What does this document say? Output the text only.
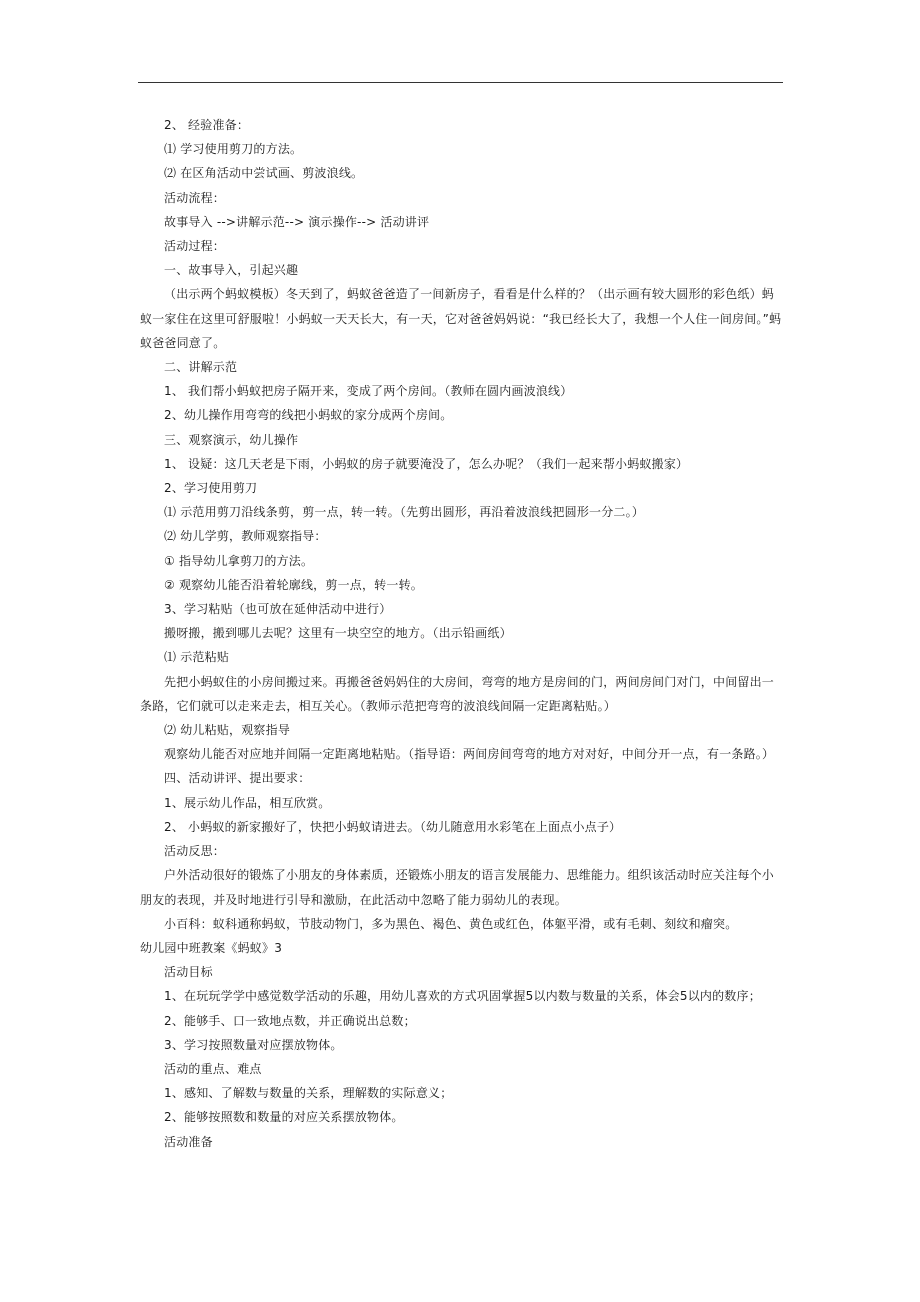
2、 经验准备：

⑴ 学习使用剪刀的方法。

⑵ 在区角活动中尝试画、剪波浪线。

活动流程：

故事导入 -->讲解示范--> 演示操作--> 活动讲评

活动过程：

一、故事导入，引起兴趣

（出示两个蚂蚁模板）冬天到了，蚂蚁爸爸造了一间新房子，看看是什么样的？（出示画有较大圆形的彩色纸）蚂蚁一家住在这里可舒服啦！小蚂蚁一天天长大，有一天，它对爸爸妈妈说：“我已经长大了，我想一个人住一间房间。”蚂蚁爸爸同意了。

二、讲解示范

1、 我们帮小蚂蚁把房子隔开来，变成了两个房间。（教师在圆内画波浪线）

2、幼儿操作用弯弯的线把小蚂蚁的家分成两个房间。

三、观察演示，幼儿操作

1、 设疑：这几天老是下雨，小蚂蚁的房子就要淹没了，怎么办呢？（我们一起来帮小蚂蚁搬家）

2、学习使用剪刀

⑴ 示范用剪刀沿线条剪，剪一点，转一转。（先剪出圆形，再沿着波浪线把圆形一分二。）

⑵ 幼儿学剪，教师观察指导：

① 指导幼儿拿剪刀的方法。

② 观察幼儿能否沿着轮廓线，剪一点，转一转。

3、学习粘贴（也可放在延伸活动中进行）

搬呀搬，搬到哪儿去呢？这里有一块空空的地方。（出示铅画纸）

⑴ 示范粘贴

先把小蚂蚁住的小房间搬过来。再搬爸爸妈妈住的大房间，弯弯的地方是房间的门，两间房间门对门，中间留出一条路，它们就可以走来走去，相互关心。（教师示范把弯弯的波浪线间隔一定距离粘贴。）

⑵ 幼儿粘贴，观察指导

观察幼儿能否对应地并间隔一定距离地粘贴。（指导语：两间房间弯弯的地方对对好，中间分开一点，有一条路。）

四、活动讲评、提出要求：

1、展示幼儿作品，相互欣赏。

2、 小蚂蚁的新家搬好了，快把小蚂蚁请进去。（幼儿随意用水彩笔在上面点小点子）

活动反思：

户外活动很好的锻炼了小朋友的身体素质，还锻炼小朋友的语言发展能力、思维能力。组织该活动时应关注每个小朋友的表现，并及时地进行引导和激励，在此活动中忽略了能力弱幼儿的表现。

小百科：蚁科通称蚂蚁，节肢动物门，多为黑色、褐色、黄色或红色，体躯平滑，或有毛刺、刻纹和瘤突。

幼儿园中班教案《蚂蚁》3

活动目标

1、在玩玩学学中感觉数学活动的乐趣，用幼儿喜欢的方式巩固掌握5以内数与数量的关系，体会5以内的数序；

2、能够手、口一致地点数，并正确说出总数；

3、学习按照数量对应摆放物体。

活动的重点、难点

1、感知、了解数与数量的关系，理解数的实际意义；

2、能够按照数和数量的对应关系摆放物体。

活动准备
